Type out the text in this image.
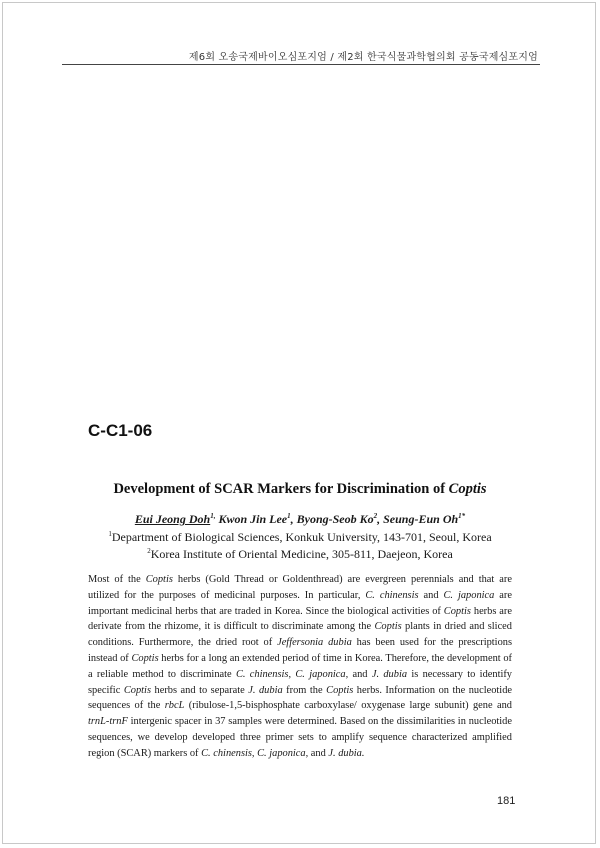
제6회 오송국제바이오심포지엄 / 제2회 한국식물과학협의회 공동국제심포지엄
C-C1-06
Development of SCAR Markers for Discrimination of Coptis
Eui Jeong Doh$^{1,}$ Kwon Jin Lee$^1$, Byong-Seob Ko$^2$, Seung-Eun $Oh^{1*}$
$^1$Department of Biological Sciences, Konkuk University, 143-701, Seoul, Korea
$^2$Korea Institute of Oriental Medicine, 305-811, Daejeon, Korea

Most of the Coptis herbs (Gold Thread or Goldenthread) are evergreen perennials and that are utilized for the purposes of medicinal purposes. In particular, C. chinensis and C. japonica are important medicinal herbs that are traded in Korea. Since the biological activities of Coptis herbs are derivate from the rhizome, it is difficult to discriminate among the Coptis plants in dried and sliced conditions. Furthermore, the dried root of Jeffersonia dubia has been used for the prescriptions instead of Coptis herbs for a long an extended period of time in Korea. Therefore, the development of a reliable method to discriminate C. chinensis, C. japonica, and J. dubia is necessary to identify specific Coptis herbs and to separate J. dubia from the Coptis herbs. Information on the nucleotide sequences of the rbcL (ribulose-1,5-bisphosphate carboxylase/ oxygenase large subunit) gene and trnL-trnF intergenic spacer in 37 samples were determined. Based on the dissimilarities in nucleotide sequences, we develop developed three primer sets to amplify sequence characterized amplified region (SCAR) markers of C. chinensis, C. japonica, and J. dubia.

181
